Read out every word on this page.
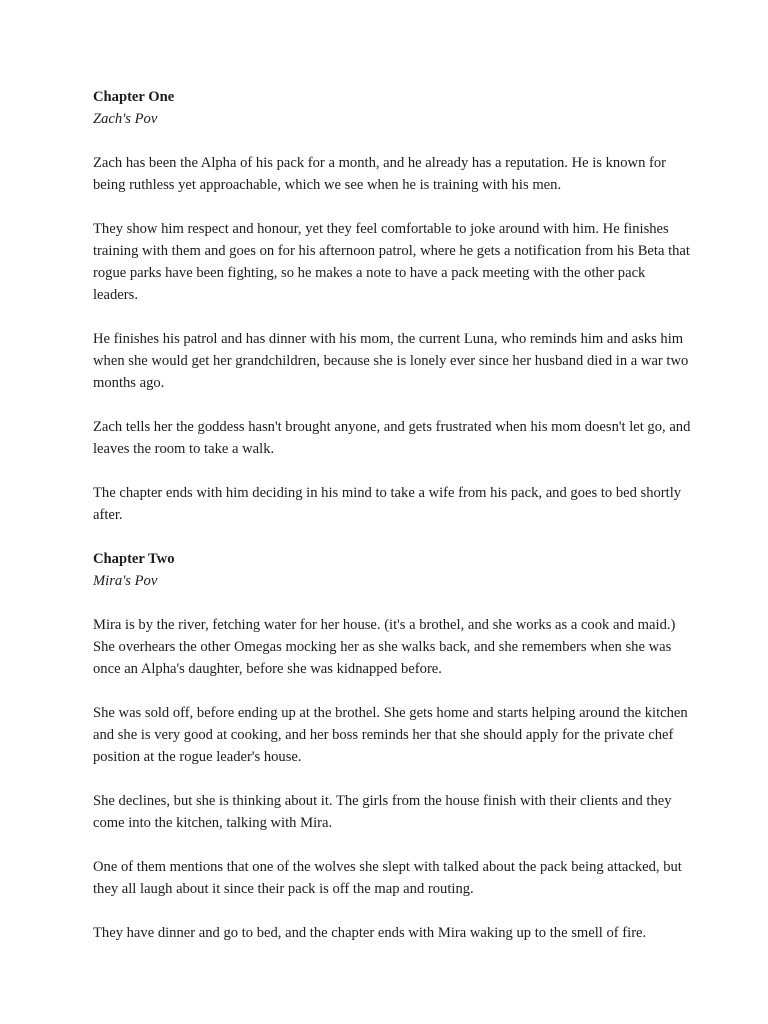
Chapter One
Zach's Pov

Zach has been the Alpha of his pack for a month, and he already has a reputation. He is known for being ruthless yet approachable, which we see when he is training with his men.

They show him respect and honour, yet they feel comfortable to joke around with him. He finishes training with them and goes on for his afternoon patrol, where he gets a notification from his Beta that rogue parks have been fighting, so he makes a note to have a pack meeting with the other pack leaders.

He finishes his patrol and has dinner with his mom, the current Luna, who reminds him and asks him when she would get her grandchildren, because she is lonely ever since her husband died in a war two months ago.

Zach tells her the goddess hasn't brought anyone, and gets frustrated when his mom doesn't let go, and leaves the room to take a walk.

The chapter ends with him deciding in his mind to take a wife from his pack, and goes to bed shortly after.

Chapter Two
Mira's Pov

Mira is by the river, fetching water for her house. (it's a brothel, and she works as a cook and maid.) She overhears the other Omegas mocking her as she walks back, and she remembers when she was once an Alpha's daughter, before she was kidnapped before.

She was sold off, before ending up at the brothel. She gets home and starts helping around the kitchen and she is very good at cooking, and her boss reminds her that she should apply for the private chef position at the rogue leader's house.

She declines, but she is thinking about it. The girls from the house finish with their clients and they come into the kitchen, talking with Mira.

One of them mentions that one of the wolves she slept with talked about the pack being attacked, but they all laugh about it since their pack is off the map and routing.

They have dinner and go to bed, and the chapter ends with Mira waking up to the smell of fire.
